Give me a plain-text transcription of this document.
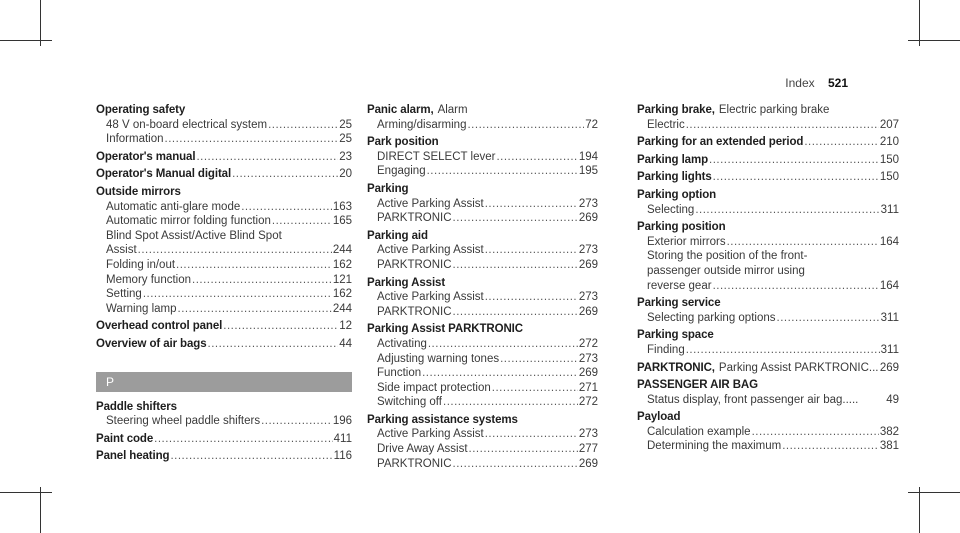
Index 521
Operating safety
48 V on-board electrical system .....	25
Information .....	25
Operator's manual .....	23
Operator's Manual digital .....	20
Outside mirrors
Automatic anti-glare mode .....	163
Automatic mirror folding function .....	165
Blind Spot Assist/Active Blind Spot
Assist .....	244
Folding in/out .....	162
Memory function .....	121
Setting .....	162
Warning lamp .....	244
Overhead control panel .....	12
Overview of air bags .....	44
P
Paddle shifters
Steering wheel paddle shifters .....	196
Paint code .....	411
Panel heating .....	116
Panic alarm, Alarm
Arming/disarming .....	72
Park position
DIRECT SELECT lever .....	194
Engaging .....	195
Parking
Active Parking Assist .....	273
PARKTRONIC .....	269
Parking aid
Active Parking Assist .....	273
PARKTRONIC .....	269
Parking Assist
Active Parking Assist .....	273
PARKTRONIC .....	269
Parking Assist PARKTRONIC
Activating .....	272
Adjusting warning tones .....	273
Function .....	269
Side impact protection .....	271
Switching off .....	272
Parking assistance systems
Active Parking Assist .....	273
Drive Away Assist .....	277
PARKTRONIC .....	269
Parking brake, Electric parking brake
Electric .....	207
Parking for an extended period .....	210
Parking lamp .....	150
Parking lights .....	150
Parking option
Selecting .....	311
Parking position
Exterior mirrors .....	164
Storing the position of the front-
passenger outside mirror using
reverse gear .....	164
Parking service
Selecting parking options .....	311
Parking space
Finding .....	311
PARKTRONIC, Parking Assist PARKTRONIC... 269
PASSENGER AIR BAG
Status display, front passenger air bag..... 49
Payload
Calculation example .....	382
Determining the maximum .....	381
